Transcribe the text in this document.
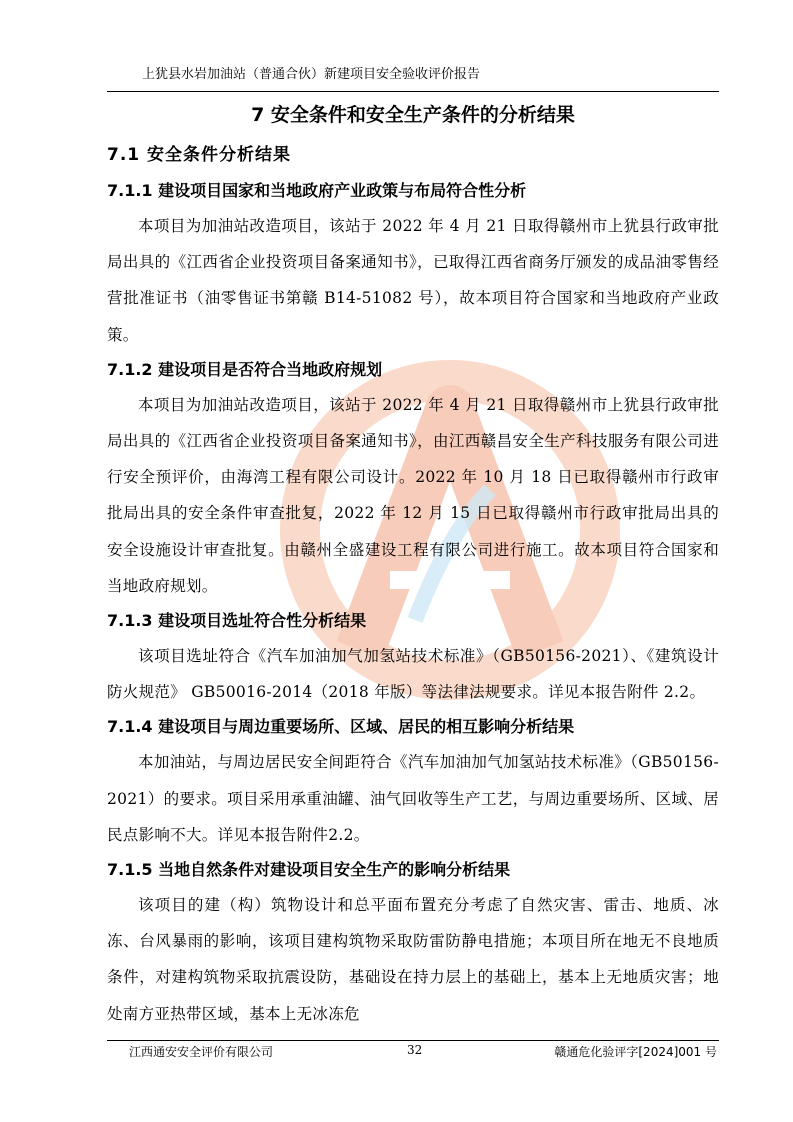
上犹县水岩加油站（普通合伙）新建项目安全验收评价报告
7 安全条件和安全生产条件的分析结果
7.1 安全条件分析结果
7.1.1 建设项目国家和当地政府产业政策与布局符合性分析

本项目为加油站改造项目，该站于 2022 年 4 月 21 日取得赣州市上犹县行政审批局出具的《江西省企业投资项目备案通知书》，已取得江西省商务厅颁发的成品油零售经营批准证书（油零售证书第赣 B14-51082 号），故本项目符合国家和当地政府产业政策。

7.1.2 建设项目是否符合当地政府规划

本项目为加油站改造项目，该站于 2022 年 4 月 21 日取得赣州市上犹县行政审批局出具的《江西省企业投资项目备案通知书》，由江西赣昌安全生产科技服务有限公司进行安全预评价，由海湾工程有限公司设计。2022 年 10 月 18 日已取得赣州市行政审批局出具的安全条件审查批复，2022 年 12 月 15 日已取得赣州市行政审批局出具的安全设施设计审查批复。由赣州全盛建设工程有限公司进行施工。故本项目符合国家和当地政府规划。

7.1.3 建设项目选址符合性分析结果

该项目选址符合《汽车加油加气加氢站技术标准》（GB50156-2021）、《建筑设计防火规范》 GB50016-2014（2018 年版）等法律法规要求。详见本报告附件 2.2。

7.1.4 建设项目与周边重要场所、区域、居民的相互影响分析结果

本加油站，与周边居民安全间距符合《汽车加油加气加氢站技术标准》（GB50156-2021）的要求。项目采用承重油罐、油气回收等生产工艺，与周边重要场所、区域、居民点影响不大。详见本报告附件2.2。

7.1.5 当地自然条件对建设项目安全生产的影响分析结果

该项目的建（构）筑物设计和总平面布置充分考虑了自然灾害、雷击、地质、冰冻、台风暴雨的影响，该项目建构筑物采取防雷防静电措施；本项目所在地无不良地质条件，对建构筑物采取抗震设防，基础设在持力层上的基础上，基本上无地质灾害；地处南方亚热带区域，基本上无冰冻危

江西通安安全评价有限公司	32	赣通危化验评字[2024]001 号
